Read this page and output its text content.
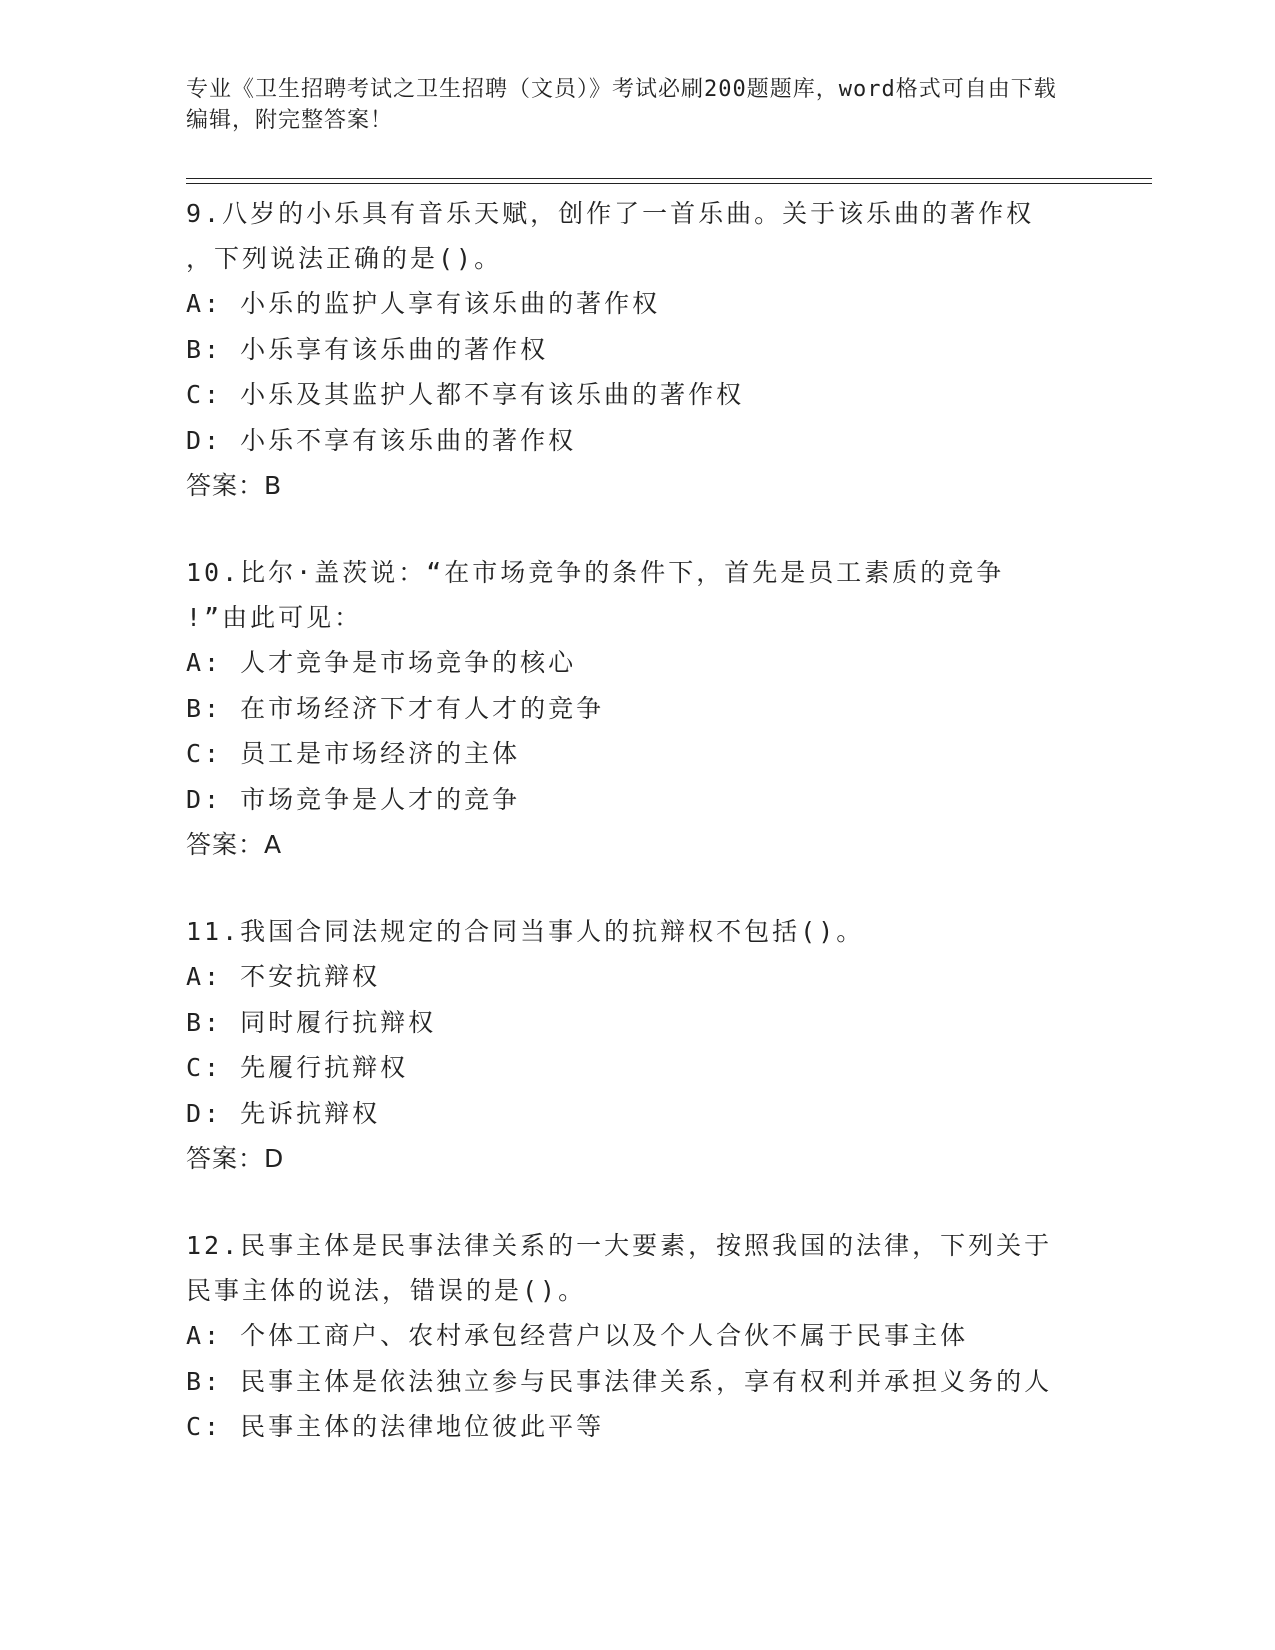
专业《卫生招聘考试之卫生招聘（文员）》考试必刷200题题库，word格式可自由下载编辑，附完整答案！
9.八岁的小乐具有音乐天赋，创作了一首乐曲。关于该乐曲的著作权
，下列说法正确的是()。
A: 小乐的监护人享有该乐曲的著作权
B: 小乐享有该乐曲的著作权
C: 小乐及其监护人都不享有该乐曲的著作权
D: 小乐不享有该乐曲的著作权
答案：B
10.比尔·盖茨说：“在市场竞争的条件下，首先是员工素质的竞争
!”由此可见：
A: 人才竞争是市场竞争的核心
B: 在市场经济下才有人才的竞争
C: 员工是市场经济的主体
D: 市场竞争是人才的竞争
答案：A
11.我国合同法规定的合同当事人的抗辩权不包括()。
A: 不安抗辩权
B: 同时履行抗辩权
C: 先履行抗辩权
D: 先诉抗辩权
答案：D
12.民事主体是民事法律关系的一大要素，按照我国的法律，下列关于
民事主体的说法，错误的是()。
A: 个体工商户、农村承包经营户以及个人合伙不属于民事主体
B: 民事主体是依法独立参与民事法律关系，享有权利并承担义务的人
C: 民事主体的法律地位彼此平等
